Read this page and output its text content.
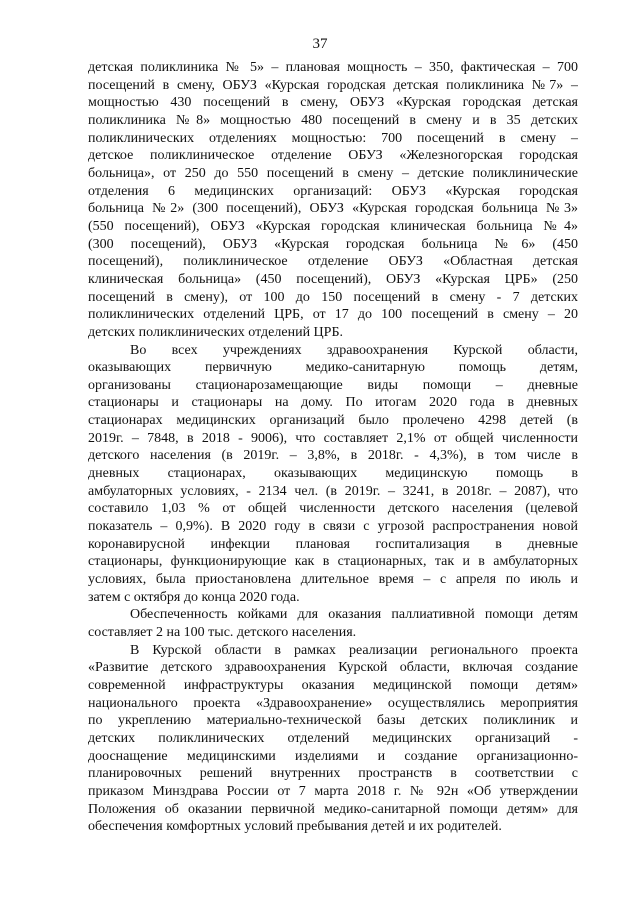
37
детская поликлиника № 5» – плановая мощность – 350, фактическая – 700
посещений в смену, ОБУЗ «Курская городская детская поликлиника №7» –
мощностью 430 посещений в смену, ОБУЗ «Курская городская детская
поликлиника №8» мощностью 480 посещений в смену и в 35 детских
поликлинических отделениях мощностью: 700 посещений в смену –
детское поликлиническое отделение ОБУЗ «Железногорская городская
больница», от 250 до 550 посещений в смену – детские поликлинические
отделения 6 медицинских организаций: ОБУЗ «Курская городская
больница №2» (300 посещений), ОБУЗ «Курская городская больница №3»
(550 посещений), ОБУЗ «Курская городская клиническая больница №4»
(300 посещений), ОБУЗ «Курская городская больница №6» (450
посещений), поликлиническое отделение ОБУЗ «Областная детская
клиническая больница» (450 посещений), ОБУЗ «Курская ЦРБ» (250
посещений в смену), от 100 до 150 посещений в смену - 7 детских
поликлинических отделений ЦРБ, от 17 до 100 посещений в смену – 20
детских поликлинических отделений ЦРБ.
Во всех учреждениях здравоохранения Курской области,
оказывающих первичную медико-санитарную помощь детям,
организованы стационарозамещающие виды помощи – дневные
стационары и стационары на дому. По итогам 2020 года в дневных
стационарах медицинских организаций было пролечено 4298 детей (в
2019г. – 7848, в 2018 - 9006), что составляет 2,1% от общей численности
детского населения (в 2019г. – 3,8%, в 2018г. - 4,3%), в том числе в
дневных стационарах, оказывающих медицинскую помощь в
амбулаторных условиях, - 2134 чел. (в 2019г. – 3241, в 2018г. – 2087), что
составило 1,03 % от общей численности детского населения (целевой
показатель – 0,9%). В 2020 году в связи с угрозой распространения новой
коронавирусной инфекции плановая госпитализация в дневные
стационары, функционирующие как в стационарных, так и в амбулаторных
условиях, была приостановлена длительное время – с апреля по июль и
затем с октября до конца 2020 года.
Обеспеченность койками для оказания паллиативной помощи детям
составляет 2 на 100 тыс. детского населения.
В Курской области в рамках реализации регионального проекта
«Развитие детского здравоохранения Курской области, включая создание
современной инфраструктуры оказания медицинской помощи детям»
национального проекта «Здравоохранение» осуществлялись мероприятия
по укреплению материально-технической базы детских поликлиник и
детских поликлинических отделений медицинских организаций -
дооснащение медицинскими изделиями и создание организационно-
планировочных решений внутренних пространств в соответствии с
приказом Минздрава России от 7 марта 2018 г. № 92н «Об утверждении
Положения об оказании первичной медико-санитарной помощи детям» для
обеспечения комфортных условий пребывания детей и их родителей.
